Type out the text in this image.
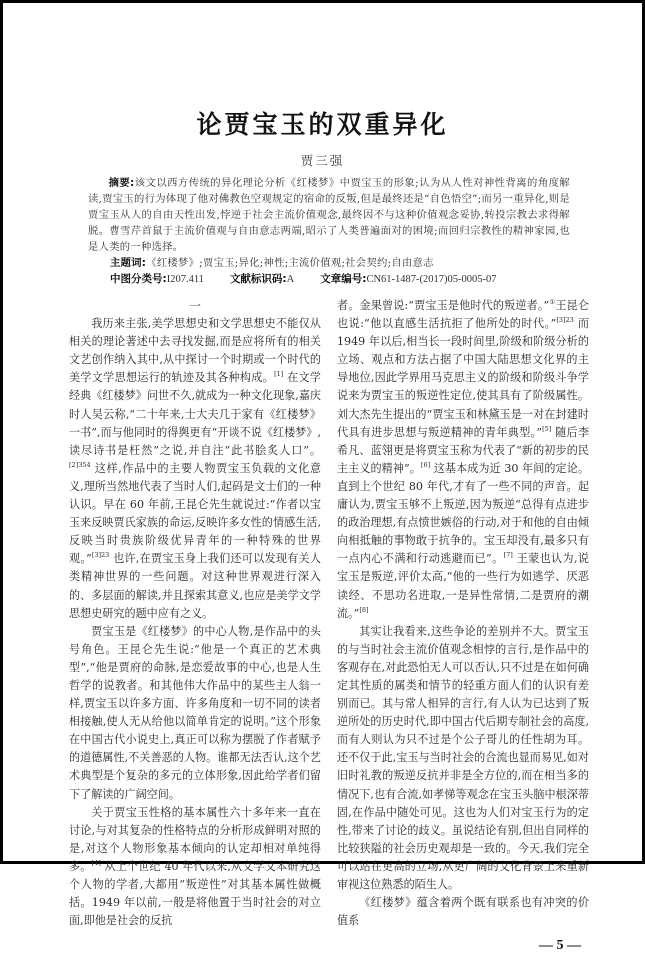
论贾宝玉的双重异化
贾三强
摘要:该文以西方传统的异化理论分析《红楼梦》中贾宝玉的形象;认为从人性对神性背离的角度解读,贾宝玉的行为体现了他对佛教色空观规定的宿命的反叛,但是最终还是“自色悟空”;而另一重异化,则是贾宝玉从人的自由天性出发,悖逆于社会主流价值观念,最终因不与这种价值观念妥协,转投宗教去求得解脱。曹雪芹首鼠于主流价值观与自由意志两端,昭示了人类普遍面对的困境;而回归宗教性的精神家园,也是人类的一种选择。
主题词:《红楼梦》;贾宝玉;异化;神性;主流价值观;社会契约;自由意志
中图分类号:I207.411 文献标识码:A 文章编号:CN61-1487-(2017)05-0005-07
一

我历来主张,美学思想史和文学思想史不能仅从相关的理论著述中去寻找发掘,而是应将所有的相关文艺创作纳入其中,从中探讨一个时期或一个时代的美学文学思想运行的轨迹及其各种构成。[1] 在文学经典《红楼梦》问世不久,就成为一种文化现象,嘉庆时人吴云称,“二十年来,士大夫几于家有《红楼梦》一书”,而与他同时的得舆更有“开谈不说《红楼梦》,读尽诗书是枉然”之说,并自注“此书脍炙人口”。$^{[2]354}$ 这样,作品中的主要人物贾宝玉负载的文化意义,理所当然地代表了当时人们,起码是文士们的一种认识。早在 60 年前,王昆仑先生就说过:“作者以宝玉来反映贾氏家族的命运,反映许多女性的情感生活,反映当时贵族阶级优异青年的一种特殊的世界观。”$^{[3]23}$ 也许,在贾宝玉身上我们还可以发现有关人类精神世界的一些问题。对这种世界观进行深入的、多层面的解读,并且探索其意义,也应是美学文学思想史研究的题中应有之义。

贾宝玉是《红楼梦》的中心人物,是作品中的头号角色。王昆仑先生说:“他是一个真正的艺术典型”,“他是贾府的命脉,是恋爱故事的中心,也是人生哲学的说教者。和其他伟大作品中的某些主人翁一样,贾宝玉以许多方面、许多角度和一切不同的读者相接触,使人无从给他以简单肯定的说明。”这个形象在中国古代小说史上,真正可以称为摆脱了作者赋予的道德属性,不关善恶的人物。谁都无法否认,这个艺术典型是个复杂的多元的立体形象,因此给学者们留下了解读的广阔空间。

关于贾宝玉性格的基本属性六十多年来一直在讨论,与对其复杂的性格特点的分析形成鲜明对照的是,对这个人物形象基本倾向的认定却相对单纯得多。[4] 从上个世纪 40 年代以来,从文学文本研究这个人物的学者,大都用“叛逆性”对其基本属性做概括。1949 年以前,一般是将他置于当时社会的对立面,即他是社会的反抗

者。金果曾说:“贾宝玉是他时代的叛逆者。”①王昆仑也说:“他以直感生活抗拒了他所处的时代。”$^{[3]23}$ 而 1949 年以后,相当长一段时间里,阶级和阶级分析的立场、观点和方法占据了中国大陆思想文化界的主导地位,因此学界用马克思主义的阶级和阶级斗争学说来为贾宝玉的叛逆性定位,使其具有了阶级属性。刘大杰先生提出的“贾宝玉和林黛玉是一对在封建时代具有进步思想与叛逆精神的青年典型。”[5] 随后李希凡、蓝翎更是将贾宝玉称为代表了“新的初步的民主主义的精神”。[6] 这基本成为近 30 年间的定论。直到上个世纪 80 年代,才有了一些不同的声音。起庸认为,贾宝玉够不上叛逆,因为叛逆“总得有点进步的政治理想,有点愤世嫉俗的行动,对于和他的自由倾向相抵触的事物敢于抗争的。宝玉却没有,最多只有一点内心不满和行动逃避而已”。[7] 王蒙也认为,说宝玉是叛逆,评价太高,“他的一些行为如逃学、厌恶读经、不思功名进取,一是异性常情,二是贾府的潮流。”[8]

其实让我看来,这些争论的差别并不大。贾宝玉的与当时社会主流价值观念相悖的言行,是作品中的客观存在,对此恐怕无人可以否认,只不过是在如何确定其性质的属类和情节的轻重方面人们的认识有差别而已。其与常人相异的言行,有人认为已达到了叛逆所处的历史时代,即中国古代后期专制社会的高度,而有人则认为只不过是个公子哥儿的任性胡为耳。还不仅于此,宝玉与当时社会的合流也显而易见,如对旧时礼教的叛逆反抗并非是全方位的,而在相当多的情况下,也有合流,如孝悌等观念在宝玉头脑中根深蒂固,在作品中随处可见。这也为人们对宝玉行为的定性,带来了讨论的歧义。虽说结论有别,但出自同样的比较狭隘的社会历史观却是一致的。今天,我们完全可以站在更高的立场,从更广阔的文化背景上来重新审视这位熟悉的陌生人。

《红楼梦》蕴含着两个既有联系也有冲突的价值系

— 5 —
